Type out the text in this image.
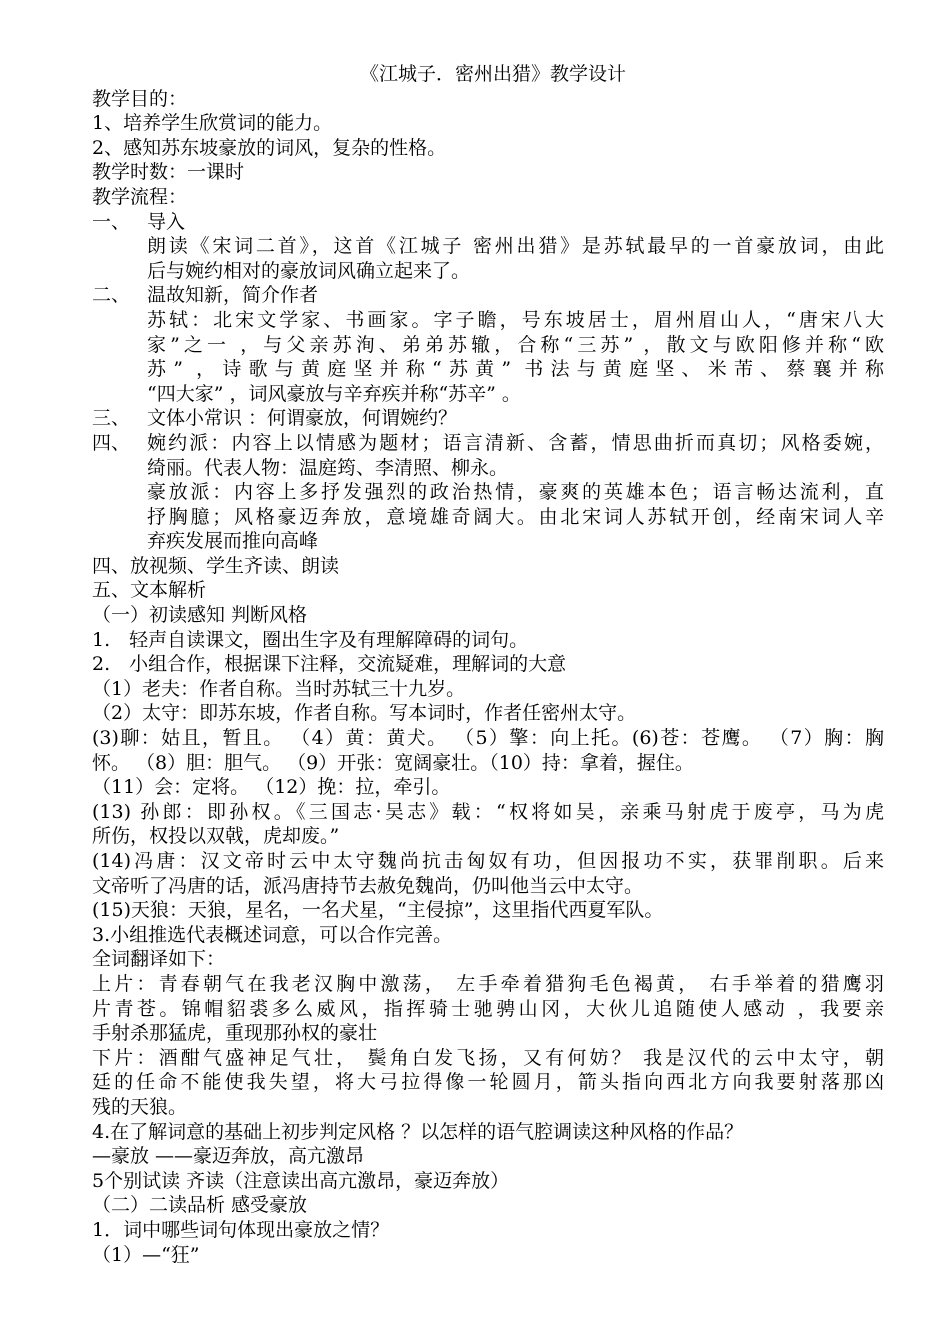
《江城子．密州出猎》教学设计
教学目的：
1、培养学生欣赏词的能力。
2、感知苏东坡豪放的词风，复杂的性格。
教学时数：一课时
教学流程：
一、 导入
朗读《宋词二首》，这首《江城子 密州出猎》是苏轼最早的一首豪放词，由此
后与婉约相对的豪放词风确立起来了。
二、 温故知新，简介作者
苏轼：北宋文学家、书画家。字子瞻，号东坡居士，眉州眉山人，“唐宋八大
家”之一 ，与父亲苏洵、弟弟苏辙，合称“三苏” ，散文与欧阳修并称“欧
苏” ，诗歌与黄庭坚并称“苏黄” 书法与黄庭坚、米芾、蔡襄并称
“四大家” ，词风豪放与辛弃疾并称“苏辛” 。
三、 文体小常识 ：何谓豪放，何谓婉约？
四、 婉约派：内容上以情感为题材；语言清新、含蓄，情思曲折而真切；风格委婉，
绮丽。代表人物：温庭筠、李清照、柳永。
豪放派：内容上多抒发强烈的政治热情，豪爽的英雄本色；语言畅达流利，直
抒胸臆；风格豪迈奔放，意境雄奇阔大。由北宋词人苏轼开创，经南宋词人辛
弃疾发展而推向高峰
四、放视频、学生齐读、朗读
五、文本解析
（一）初读感知 判断风格
1.　轻声自读课文，圈出生字及有理解障碍的词句。
2.　小组合作，根据课下注释，交流疑难，理解词的大意
（1）老夫：作者自称。当时苏轼三十九岁。
（2）太守：即苏东坡，作者自称。写本词时，作者任密州太守。
(3)聊：姑且，暂且。 （4）黄：黄犬。 （5）擎：向上托。(6)苍：苍鹰。 （7）胸：胸
怀。 （8）胆：胆气。 （9）开张：宽阔豪壮。（10）持：拿着，握住。
（11）会：定将。 （12）挽：拉，牵引。
(13) 孙郎：即孙权。《三国志·吴志》载：“权将如吴，亲乘马射虎于废亭，马为虎
所伤，权投以双戟，虎却废。”
(14)冯唐：汉文帝时云中太守魏尚抗击匈奴有功，但因报功不实，获罪削职。后来
文帝听了冯唐的话，派冯唐持节去赦免魏尚，仍叫他当云中太守。
(15)天狼：天狼，星名，一名犬星，“主侵掠”，这里指代西夏军队。
3.小组推选代表概述词意，可以合作完善。
全词翻译如下：
上片：青春朝气在我老汉胸中激荡， 左手牵着猎狗毛色褐黄， 右手举着的猎鹰羽
片青苍。锦帽貂裘多么威风，指挥骑士驰骋山冈，大伙儿追随使人感动 ，我要亲
手射杀那猛虎，重现那孙权的豪壮
下片：酒酣气盛神足气壮， 鬓角白发飞扬，又有何妨？ 我是汉代的云中太守，朝
廷的任命不能使我失望，将大弓拉得像一轮圆月，箭头指向西北方向我要射落那凶
残的天狼。
4.在了解词意的基础上初步判定风格 ？以怎样的语气腔调读这种风格的作品？
—豪放 ——豪迈奔放，高亢激昂
5个别试读 齐读（注意读出高亢激昂，豪迈奔放）
（二）二读品析 感受豪放
1．词中哪些词句体现出豪放之情？
（1）—“狂”
